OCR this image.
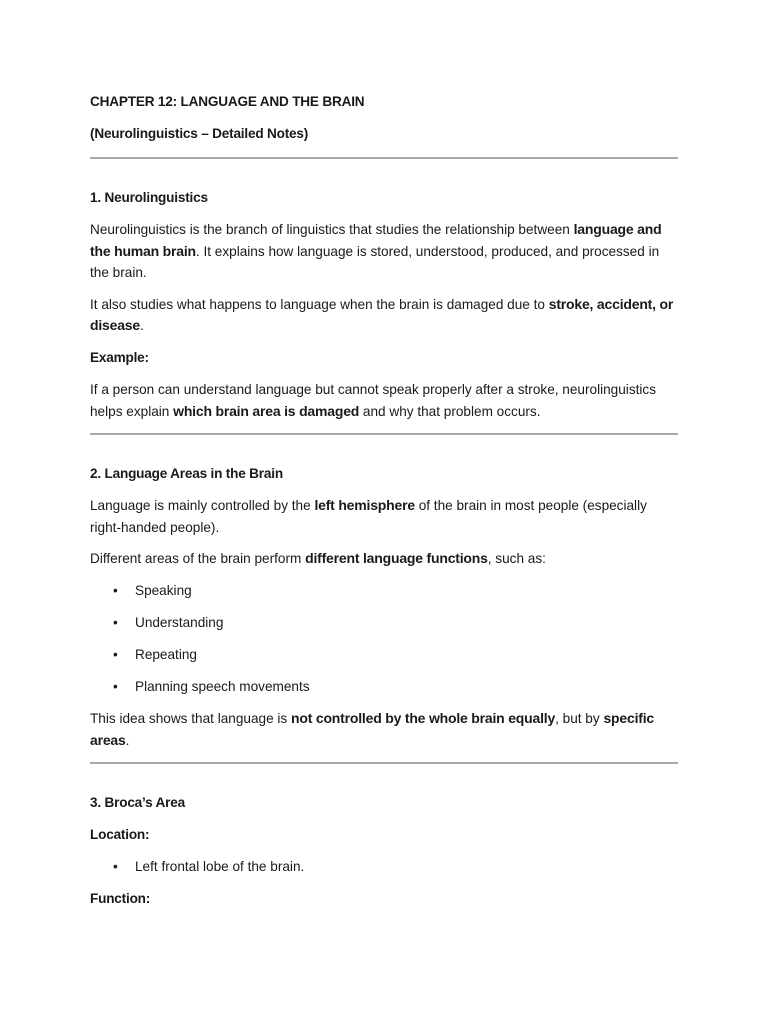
CHAPTER 12: LANGUAGE AND THE BRAIN
(Neurolinguistics – Detailed Notes)
1. Neurolinguistics

Neurolinguistics is the branch of linguistics that studies the relationship between language and the human brain. It explains how language is stored, understood, produced, and processed in the brain.

It also studies what happens to language when the brain is damaged due to stroke, accident, or disease.

Example:

If a person can understand language but cannot speak properly after a stroke, neurolinguistics helps explain which brain area is damaged and why that problem occurs.

2. Language Areas in the Brain

Language is mainly controlled by the left hemisphere of the brain in most people (especially right-handed people).

Different areas of the brain perform different language functions, such as:

• Speaking
• Understanding
• Repeating
• Planning speech movements

This idea shows that language is not controlled by the whole brain equally, but by specific areas.

3. Broca’s Area
Location:
• Left frontal lobe of the brain.
Function:
